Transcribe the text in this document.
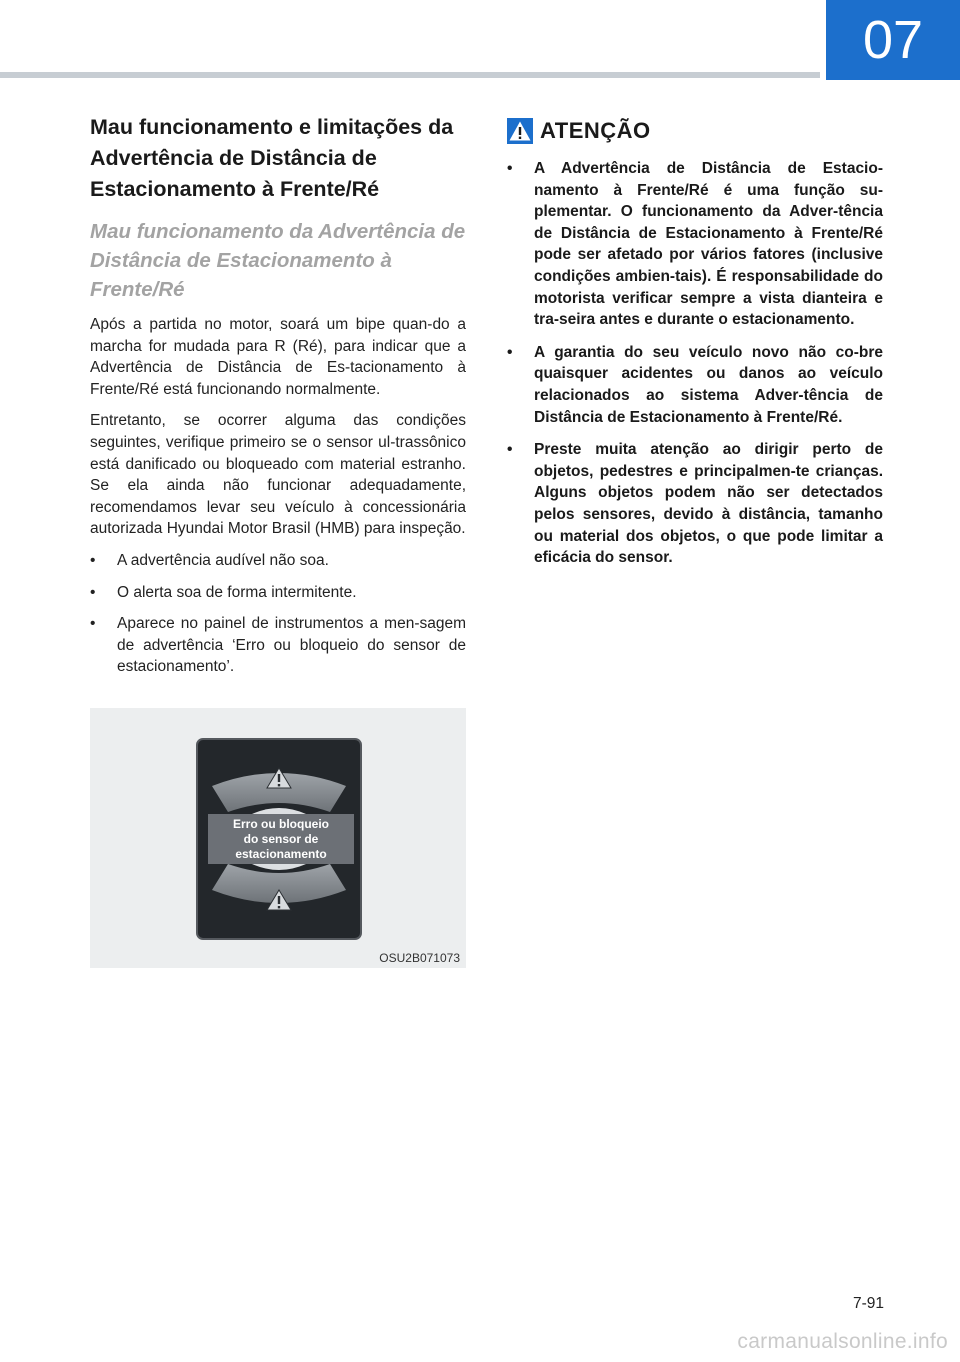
07
Mau funcionamento e limitações da Advertência de Distância de Estacionamento à Frente/Ré
Mau funcionamento da Advertência de Distância de Estacionamento à Frente/Ré

Após a partida no motor, soará um bipe quan-do a marcha for mudada para R (Ré), para indicar que a Advertência de Distância de Es-tacionamento à Frente/Ré está funcionando normalmente.

Entretanto, se ocorrer alguma das condições seguintes, verifique primeiro se o sensor ul-trassônico está danificado ou bloqueado com material estranho. Se ela ainda não funcionar adequadamente, recomendamos levar seu veículo à concessionária autorizada Hyundai Motor Brasil (HMB) para inspeção.

• A advertência audível não soa.
• O alerta soa de forma intermitente.
• Aparece no painel de instrumentos a men-sagem de advertência ‘Erro ou bloqueio do sensor de estacionamento’.
Erro ou bloqueio
do sensor de
estacionamento
OSU2B071073
ATENÇÃO
• A Advertência de Distância de Estacio-namento à Frente/Ré é uma função su-plementar. O funcionamento da Adver-tência de Distância de Estacionamento à Frente/Ré pode ser afetado por vários fatores (inclusive condições ambien-tais). É responsabilidade do motorista verificar sempre a vista dianteira e tra-seira antes e durante o estacionamento.
• A garantia do seu veículo novo não co-bre quaisquer acidentes ou danos ao veículo relacionados ao sistema Adver-tência de Distância de Estacionamento à Frente/Ré.
• Preste muita atenção ao dirigir perto de objetos, pedestres e principalmen-te crianças. Alguns objetos podem não ser detectados pelos sensores, devido à distância, tamanho ou material dos objetos, o que pode limitar a eficácia do sensor.
7-91
carmanualsonline.info
